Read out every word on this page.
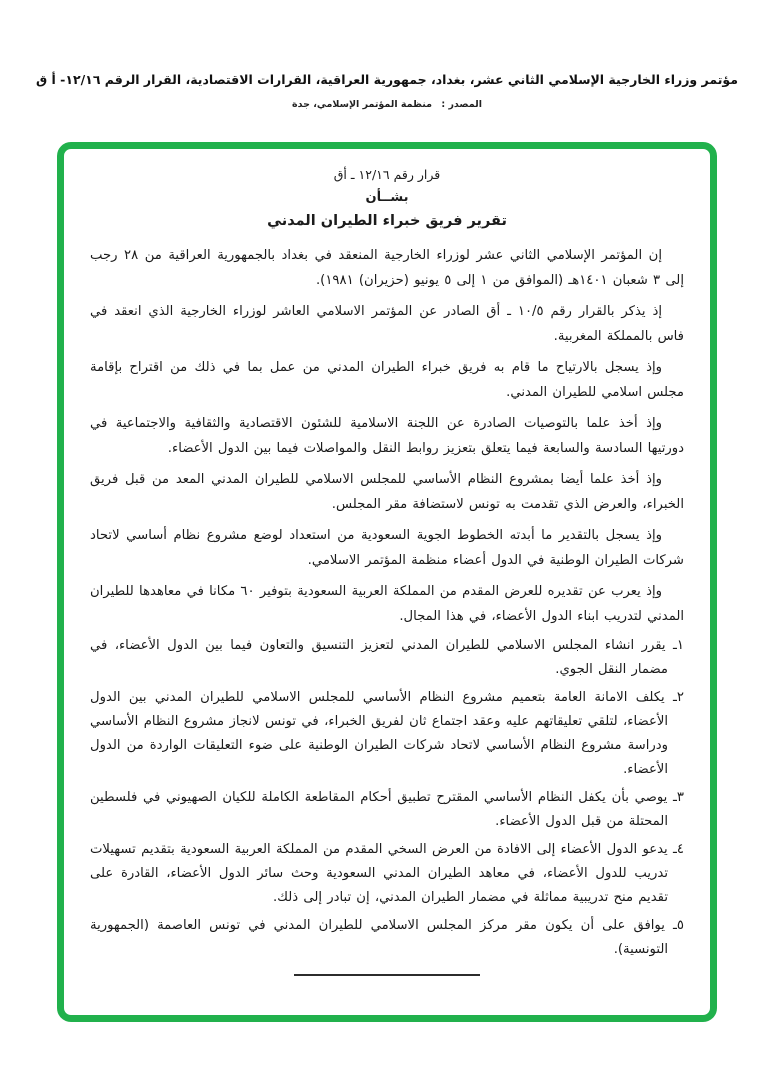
مؤتمر وزراء الخارجية الإسلامي الثاني عشر، بغداد، جمهورية العراقية، القرارات الاقتصادية، القرار الرقم ١٢/١٦- أ ق
المصدر : منظمة المؤتمر الإسلامي، جدة
قرار رقم ١٢/١٦ ـ أق
بشــأن
تقرير فريق خبراء الطيران المدني

إن المؤتمر الإسلامي الثاني عشر لوزراء الخارجية المنعقد في بغداد بالجمهورية العراقية من ٢٨ رجب إلى ٣ شعبان ١٤٠١هـ (الموافق من ١ إلى ٥ يونيو (حزيران) ١٩٨١).

إذ يذكر بالقرار رقم ١٠/٥ ـ أق الصادر عن المؤتمر الاسلامي العاشر لوزراء الخارجية الذي انعقد في فاس بالمملكة المغربية.

وإذ يسجل بالارتياح ما قام به فريق خبراء الطيران المدني من عمل بما في ذلك من اقتراح بإقامة مجلس اسلامي للطيران المدني.

وإذ أخذ علما بالتوصيات الصادرة عن اللجنة الاسلامية للشئون الاقتصادية والثقافية والاجتماعية في دورتيها السادسة والسابعة فيما يتعلق بتعزيز روابط النقل والمواصلات فيما بين الدول الأعضاء.

وإذ أخذ علما أيضا بمشروع النظام الأساسي للمجلس الاسلامي للطيران المدني المعد من قبل فريق الخبراء، والعرض الذي تقدمت به تونس لاستضافة مقر المجلس.

وإذ يسجل بالتقدير ما أبدته الخطوط الجوية السعودية من استعداد لوضع مشروع نظام أساسي لاتحاد شركات الطيران الوطنية في الدول أعضاء منظمة المؤتمر الاسلامي.

وإذ يعرب عن تقديره للعرض المقدم من المملكة العربية السعودية بتوفير ٦٠ مكانا في معاهدها للطيران المدني لتدريب ابناء الدول الأعضاء، في هذا المجال.

١ـ يقرر انشاء المجلس الاسلامي للطيران المدني لتعزيز التنسيق والتعاون فيما بين الدول الأعضاء، في مضمار النقل الجوي.
٢ـ يكلف الامانة العامة بتعميم مشروع النظام الأساسي للمجلس الاسلامي للطيران المدني بين الدول الأعضاء، لتلقي تعليقاتهم عليه وعقد اجتماع ثان لفريق الخبراء، في تونس لانجاز مشروع النظام الأساسي ودراسة مشروع النظام الأساسي لاتحاد شركات الطيران الوطنية على ضوء التعليقات الواردة من الدول الأعضاء.
٣ـ يوصي بأن يكفل النظام الأساسي المقترح تطبيق أحكام المقاطعة الكاملة للكيان الصهيوني في فلسطين المحتلة من قبل الدول الأعضاء.
٤ـ يدعو الدول الأعضاء إلى الافادة من العرض السخي المقدم من المملكة العربية السعودية بتقديم تسهيلات تدريب للدول الأعضاء، في معاهد الطيران المدني السعودية وحث سائر الدول الأعضاء، القادرة على تقديم منح تدريبية مماثلة في مضمار الطيران المدني، إن تبادر إلى ذلك.
٥ـ يوافق على أن يكون مقر مركز المجلس الاسلامي للطيران المدني في تونس العاصمة (الجمهورية التونسية).
